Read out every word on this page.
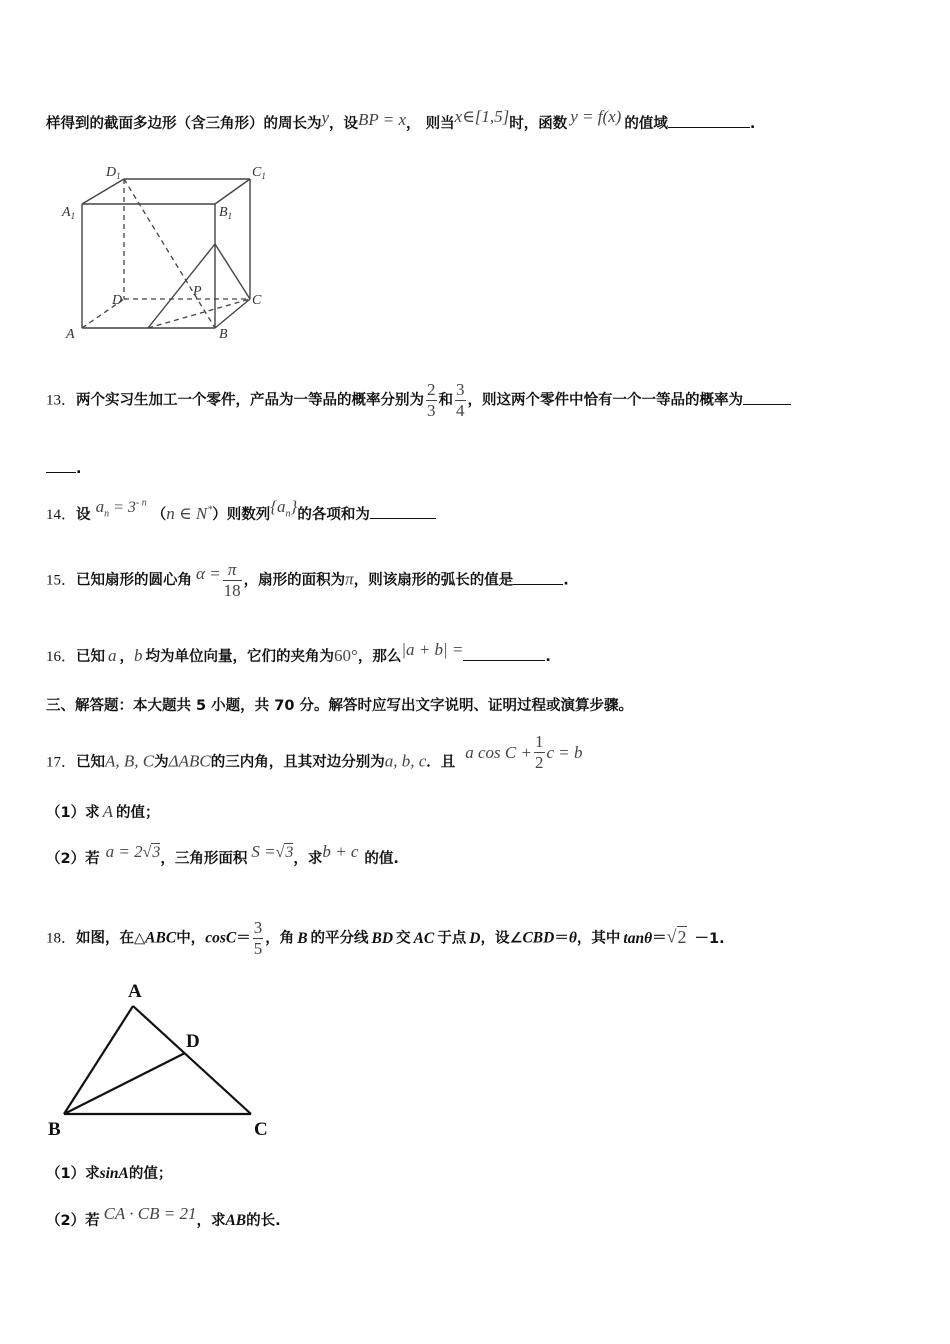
样得到的截面多边形（含三角形）的周长为y，设BP = x， 则当x∈[1,5]时，函数 y = f(x) 的值域	.
$D_1$	$C_1$
$A_1$	$B_1$
D	C
A	B
P
13．两个实习生加工一个零件，产品为一等品的概率分别为 $\frac{2}{3}$ 和 $\frac{3}{4}$ ，则这两个零件中恰有一个一等品的概率为
.
14．设 $a_n = 3^{- n}$ （n ∈ N*）则数列$\{a_n\}$的各项和为
15．已知扇形的圆心角 $\alpha = \frac{\pi}{18}$ ，扇形的面积为π，则该扇形的弧长的值是	.
16．已知 a ，b 均为单位向量，它们的夹角为60°，那么|a + b| =	.
三、解答题：本大题共 5 小题，共 70 分。解答时应写出文字说明、证明过程或演算步骤。
17．已知A, B, C为ΔABC的三内角，且其对边分别为a, b, c．且a $\cos C + \frac{1}{2}$ c = b
（1）求 A 的值；
（2）若 a = 2√3，三角形面积 S =√3，求b + c 的值.
18．如图，在△ABC中，$\cos C= \frac{3}{5}$ ，角 B 的平分线 BD 交 AC 于点 D，设∠CBD＝θ，其中 tanθ＝√2 －1.
A
B	C
D
（1）求sinA的值；
（2）若 CA · CB = 21，求AB的长.
